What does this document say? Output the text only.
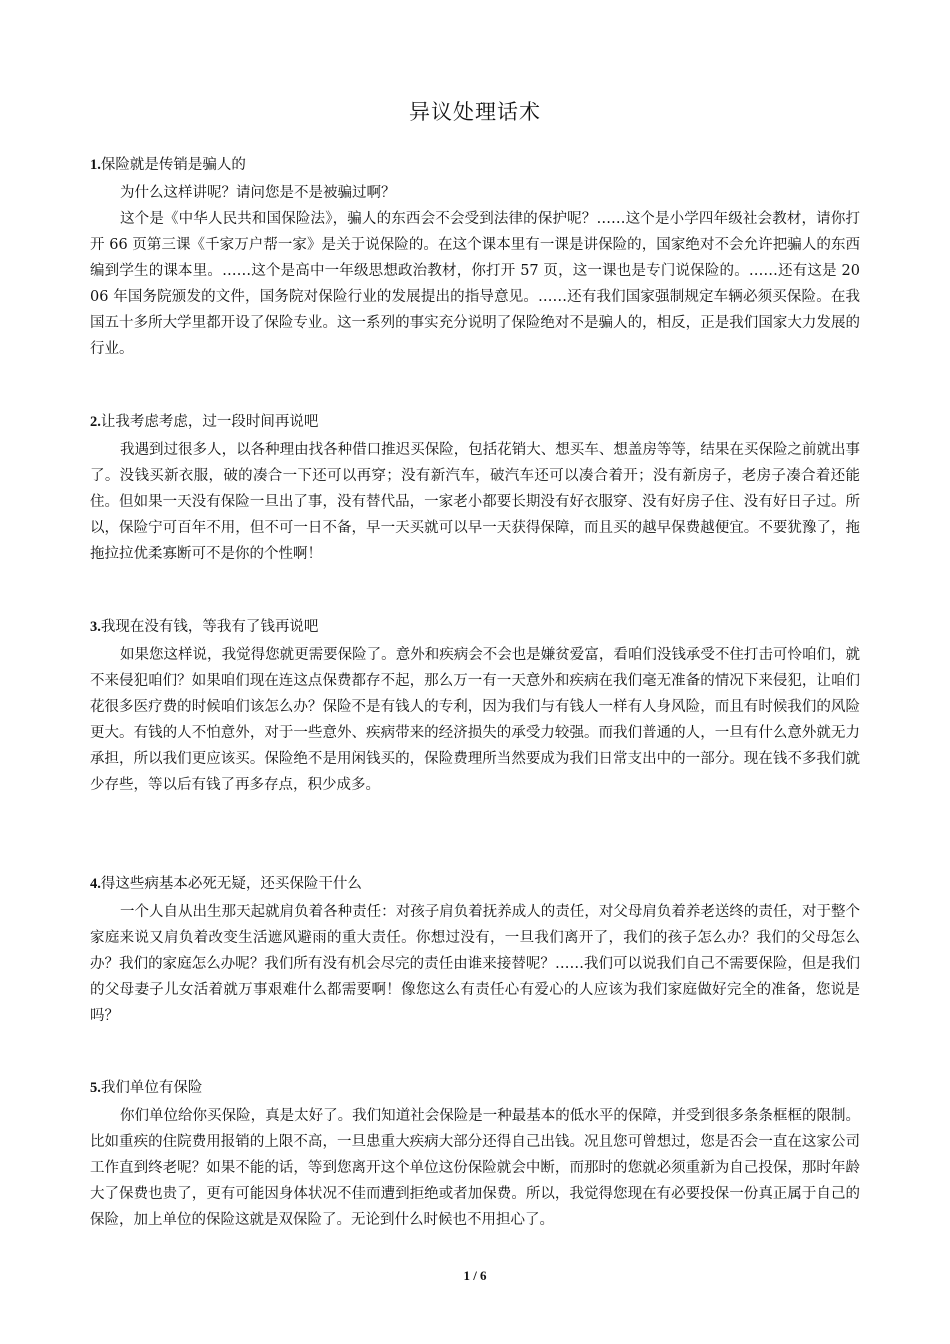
异议处理话术
1.保险就是传销是骗人的

为什么这样讲呢？请问您是不是被骗过啊？

这个是《中华人民共和国保险法》，骗人的东西会不会受到法律的保护呢？……这个是小学四年级社会教材，请你打开 66 页第三课《千家万户帮一家》是关于说保险的。在这个课本里有一课是讲保险的，国家绝对不会允许把骗人的东西编到学生的课本里。……这个是高中一年级思想政治教材，你打开 57 页，这一课也是专门说保险的。……还有这是 2006 年国务院颁发的文件，国务院对保险行业的发展提出的指导意见。……还有我们国家强制规定车辆必须买保险。在我国五十多所大学里都开设了保险专业。这一系列的事实充分说明了保险绝对不是骗人的，相反，正是我们国家大力发展的行业。

2.让我考虑考虑，过一段时间再说吧

我遇到过很多人，以各种理由找各种借口推迟买保险，包括花销大、想买车、想盖房等等，结果在买保险之前就出事了。没钱买新衣服，破的凑合一下还可以再穿；没有新汽车，破汽车还可以凑合着开；没有新房子，老房子凑合着还能住。但如果一天没有保险一旦出了事，没有替代品，一家老小都要长期没有好衣服穿、没有好房子住、没有好日子过。所以，保险宁可百年不用，但不可一日不备，早一天买就可以早一天获得保障，而且买的越早保费越便宜。不要犹豫了，拖拖拉拉优柔寡断可不是你的个性啊！

3.我现在没有钱，等我有了钱再说吧

如果您这样说，我觉得您就更需要保险了。意外和疾病会不会也是嫌贫爱富，看咱们没钱承受不住打击可怜咱们，就不来侵犯咱们？如果咱们现在连这点保费都存不起，那么万一有一天意外和疾病在我们毫无准备的情况下来侵犯，让咱们花很多医疗费的时候咱们该怎么办？保险不是有钱人的专利，因为我们与有钱人一样有人身风险，而且有时候我们的风险更大。有钱的人不怕意外，对于一些意外、疾病带来的经济损失的承受力较强。而我们普通的人，一旦有什么意外就无力承担，所以我们更应该买。保险绝不是用闲钱买的，保险费理所当然要成为我们日常支出中的一部分。现在钱不多我们就少存些，等以后有钱了再多存点，积少成多。

4.得这些病基本必死无疑，还买保险干什么

一个人自从出生那天起就肩负着各种责任：对孩子肩负着抚养成人的责任，对父母肩负着养老送终的责任，对于整个家庭来说又肩负着改变生活遮风避雨的重大责任。你想过没有，一旦我们离开了，我们的孩子怎么办？我们的父母怎么办？我们的家庭怎么办呢？我们所有没有机会尽完的责任由谁来接替呢？……我们可以说我们自己不需要保险，但是我们的父母妻子儿女活着就万事艰难什么都需要啊！像您这么有责任心有爱心的人应该为我们家庭做好完全的准备，您说是吗？

5.我们单位有保险

你们单位给你买保险，真是太好了。我们知道社会保险是一种最基本的低水平的保障，并受到很多条条框框的限制。比如重疾的住院费用报销的上限不高，一旦患重大疾病大部分还得自己出钱。况且您可曾想过，您是否会一直在这家公司工作直到终老呢？如果不能的话，等到您离开这个单位这份保险就会中断，而那时的您就必须重新为自己投保，那时年龄大了保费也贵了，更有可能因身体状况不佳而遭到拒绝或者加保费。所以，我觉得您现在有必要投保一份真正属于自己的保险，加上单位的保险这就是双保险了。无论到什么时候也不用担心了。

1 / 6
